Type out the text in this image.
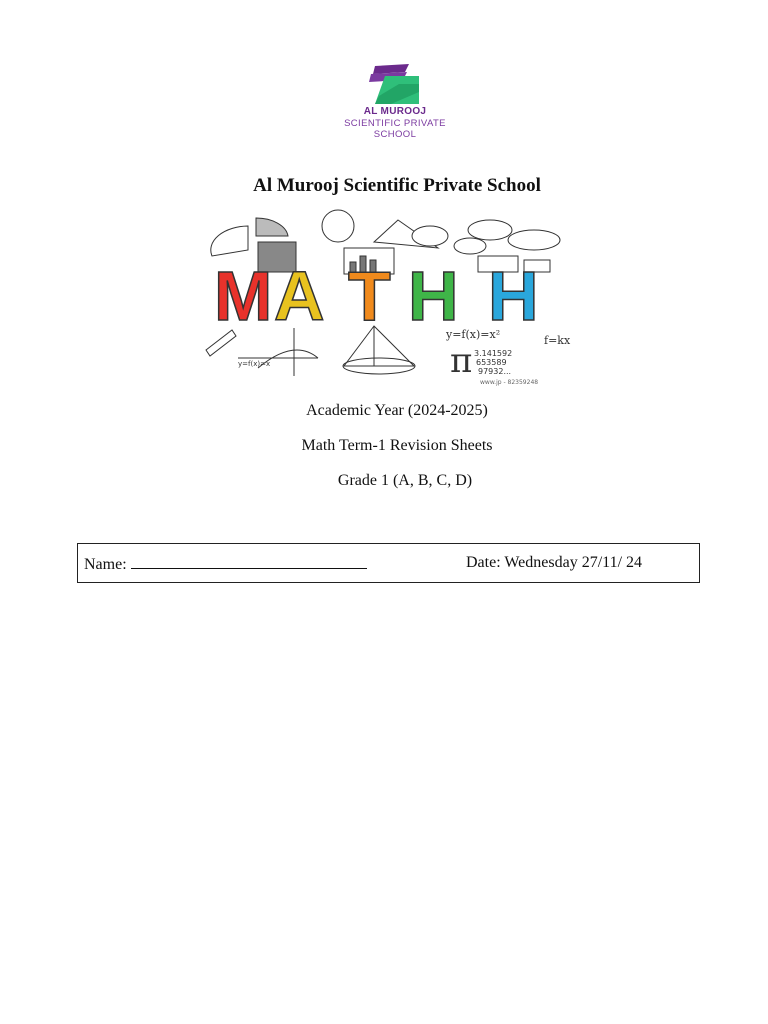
AL MUROOJ
SCIENTIFIC PRIVATE
SCHOOL
Al Murooj Scientific Private School
M A T H H
y=f(x)=x
y=f(x)=x²	f=kx
π 3.141592
653589
97932...
www.jp - 82359248
Academic Year (2024-2025)
Math Term-1 Revision Sheets
Grade 1 (A, B, C, D)
Name:	Date: Wednesday 27/11/ 24
